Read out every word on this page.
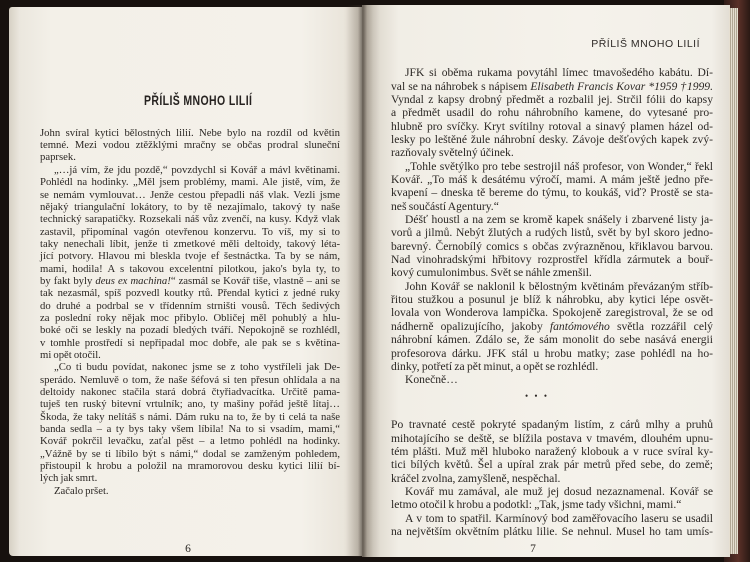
PŘÍLIŠ MNOHO LILIÍ
John svíral kytici bělostných lilií. Nebe bylo na rozdíl od květin
temné. Mezi vodou ztěžklými mračny se občas prodral sluneční
paprsek.
„…já vím, že jdu pozdě,“ povzdychl si Kovář a mávl květinami.
Pohlédl na hodinky. „Měl jsem problémy, mami. Ale jistě, vím, že
se nemám vymlouvat… Jenže cestou přepadli náš vlak. Vezli jsme
nějaký triangulační lokátory, to by tě nezajímalo, takový ty naše
technický sarapatičky. Rozsekali náš vůz zvenčí, na kusy. Když vlak
zastavil, připomínal vagón otevřenou konzervu. To víš, my si to
taky nenechali líbit, jenže ti zmetkové měli deltoidy, takový léta-
jící potvory. Hlavou mi bleskla tvoje ef šestnáctka. Ta by se nám,
mami, hodila! A s takovou excelentní pilotkou, jako's byla ty, to
by fakt byly deus ex machina!“ zasmál se Kovář tiše, vlastně – ani se
tak nezasmál, spíš pozvedl koutky rtů. Přendal kytici z jedné ruky
do druhé a podrbal se v třídenním strništi vousů. Těch šedivých
za poslední roky nějak moc přibylo. Obličej měl pohublý a hlu-
boké oči se leskly na pozadí bledých tváří. Nepokojně se rozhlédl,
v tomhle prostředí si nepřipadal moc dobře, ale pak se s květina-
mi opět otočil.
„Co ti budu povídat, nakonec jsme se z toho vystříleli jak De-
sperádo. Nemluvě o tom, že naše šéfová si ten přesun ohlídala a na
deltoidy nakonec stačila stará dobrá čtyřiadvacítka. Určitě pama-
tuješ ten ruský bitevní vrtulník; ano, ty mašiny pořád ještě lítaj…
Škoda, že taky nelítáš s námi. Dám ruku na to, že by ti celá ta naše
banda sedla – a ty bys taky všem líbila! Na to si vsadím, mami,“
Kovář pokrčil levačku, zaťal pěst – a letmo pohlédl na hodinky.
„Vážně by se ti líbilo být s námi,“ dodal se zamženým pohledem,
přistoupil k hrobu a položil na mramorovou desku kytici lilií bí-
lých jak smrt.
Začalo pršet.
6
PŘÍLIŠ MNOHO LILIÍ
JFK si oběma rukama povytáhl límec tmavošedého kabátu. Dí-
val se na náhrobek s nápisem Elisabeth Francis Kovar *1959 †1999.
Vyndal z kapsy drobný předmět a rozbalil jej. Strčil fólii do kapsy
a předmět usadil do rohu náhrobního kamene, do vytesané pro-
hlubně pro svíčky. Kryt svítilny rotoval a sinavý plamen házel od-
lesky po leštěné žule náhrobní desky. Závoje dešťových kapek zvý-
razňovaly světelný účinek.
„Tohle světýlko pro tebe sestrojil náš profesor, von Wonder,“ řekl
Kovář. „To máš k desátému výročí, mami. A mám ještě jedno pře-
kvapení – dneska tě bereme do týmu, to koukáš, viď? Prostě se sta-
neš součástí Agentury.“
Déšť houstl a na zem se kromě kapek snášely i zbarvené listy ja-
vorů a jilmů. Nebýt žlutých a rudých listů, svět by byl skoro jedno-
barevný. Černobílý comics s občas zvýrazněnou, křiklavou barvou.
Nad vinohradskými hřbitovy rozprostřel křídla zármutek a bouř-
kový cumulonimbus. Svět se náhle zmenšil.
John Kovář se naklonil k bělostným květinám převázaným stříb-
řitou stužkou a posunul je blíž k náhrobku, aby kytici lépe osvět-
lovala von Wonderova lampička. Spokojeně zaregistroval, že se od
nádherně opalizujícího, jakoby fantómového světla rozzářil celý
náhrobní kámen. Zdálo se, že sám monolit do sebe nasává energii
profesorova dárku. JFK stál u hrobu matky; zase pohlédl na ho-
dinky, potřetí za pět minut, a opět se rozhlédl.
Konečně…
• • •
Po travnaté cestě pokryté spadaným listím, z cárů mlhy a pruhů
mihotajícího se deště, se blížila postava v tmavém, dlouhém upnu-
tém plášti. Muž měl hluboko naražený klobouk a v ruce svíral ky-
tici bílých květů. Šel a upíral zrak pár metrů před sebe, do země;
kráčel zvolna, zamyšleně, nespěchal.
Kovář mu zamával, ale muž jej dosud nezaznamenal. Kovář se
letmo otočil k hrobu a podotkl: „Tak, jsme tady všichni, mami.“
A v tom to spatřil. Karmínový bod zaměřovacího laseru se usadil
na největším okvětním plátku lilie. Se nehnul. Musel ho tam umís-
7
